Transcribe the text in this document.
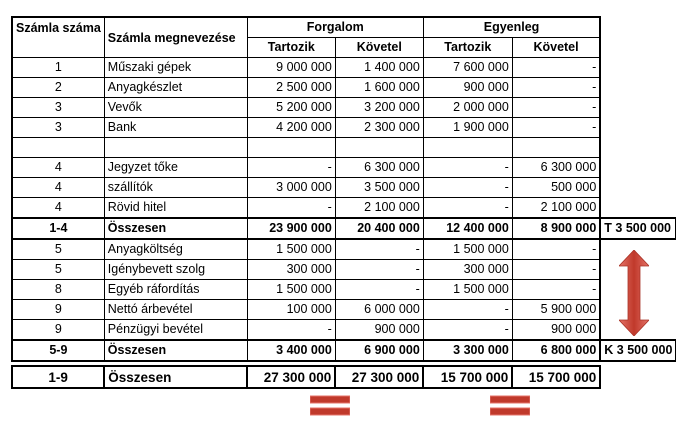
Számla száma	Számla megnevezése	Forgalom		Egyenleg		
		Tartozik	Követel	Tartozik	Követel	
1	Műszaki gépek	9 000 000	1 400 000	7 600 000	-	
2	Anyagkészlet	2 500 000	1 600 000	900 000	-	
3	Vevők	5 200 000	3 200 000	2 000 000	-	
3	Bank	4 200 000	2 300 000	1 900 000	-	

4	Jegyzet tőke	-	6 300 000	-	6 300 000	
4	szállítók	3 000 000	3 500 000	-	500 000	
4	Rövid hitel	-	2 100 000	-	2 100 000	
1-4	Összesen	23 900 000	20 400 000	12 400 000	8 900 000	T 3 500 000
5	Anyagköltség	1 500 000	-	1 500 000	-	
5	Igénybevett szolg	300 000	-	300 000	-	
8	Egyéb ráfordítás	1 500 000	-	1 500 000	-	
9	Nettó árbevétel	100 000	6 000 000	-	5 900 000	
9	Pénzügyi bevétel	-	900 000	-	900 000	
5-9	Összesen	3 400 000	6 900 000	3 300 000	6 800 000	K 3 500 000

1-9	Összesen	27 300 000	27 300 000	15 700 000	15 700 000	
